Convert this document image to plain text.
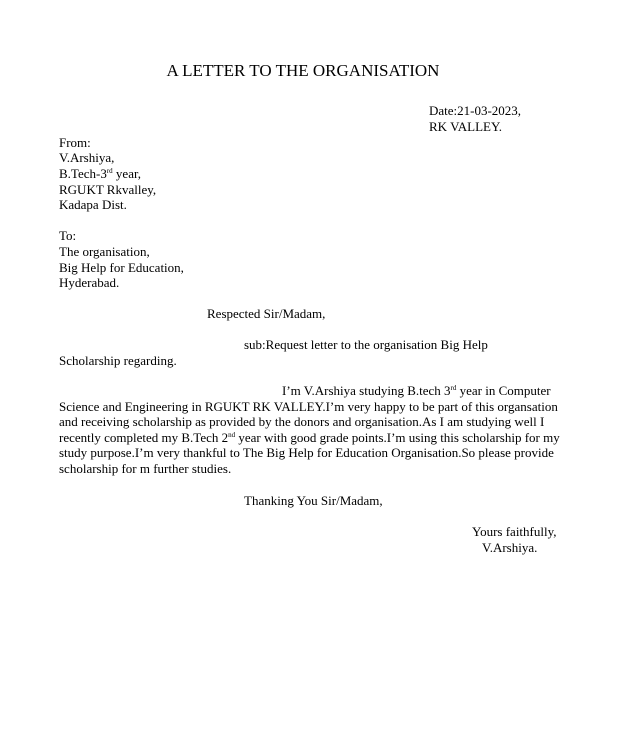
A LETTER TO THE ORGANISATION
Date:21-03-2023,
RK VALLEY.
From:
V.Arshiya,
B.Tech-3rd year,
RGUKT Rkvalley,
Kadapa Dist.
To:
The organisation,
Big Help for Education,
Hyderabad.
Respected Sir/Madam,
sub:Request letter to the organisation Big Help
Scholarship regarding.
I’m V.Arshiya studying B.tech 3rd year in Computer Science and Engineering in RGUKT RK VALLEY.I’m very happy to be part of this organsation and receiving scholarship as provided by the donors and organisation.As I am studying well I recently completed my B.Tech 2nd year with good grade points.I’m using this scholarship for my study purpose.I’m very thankful to The Big Help for Education Organisation.So please provide scholarship for m further studies.
Thanking You Sir/Madam,
Yours faithfully,
V.Arshiya.
